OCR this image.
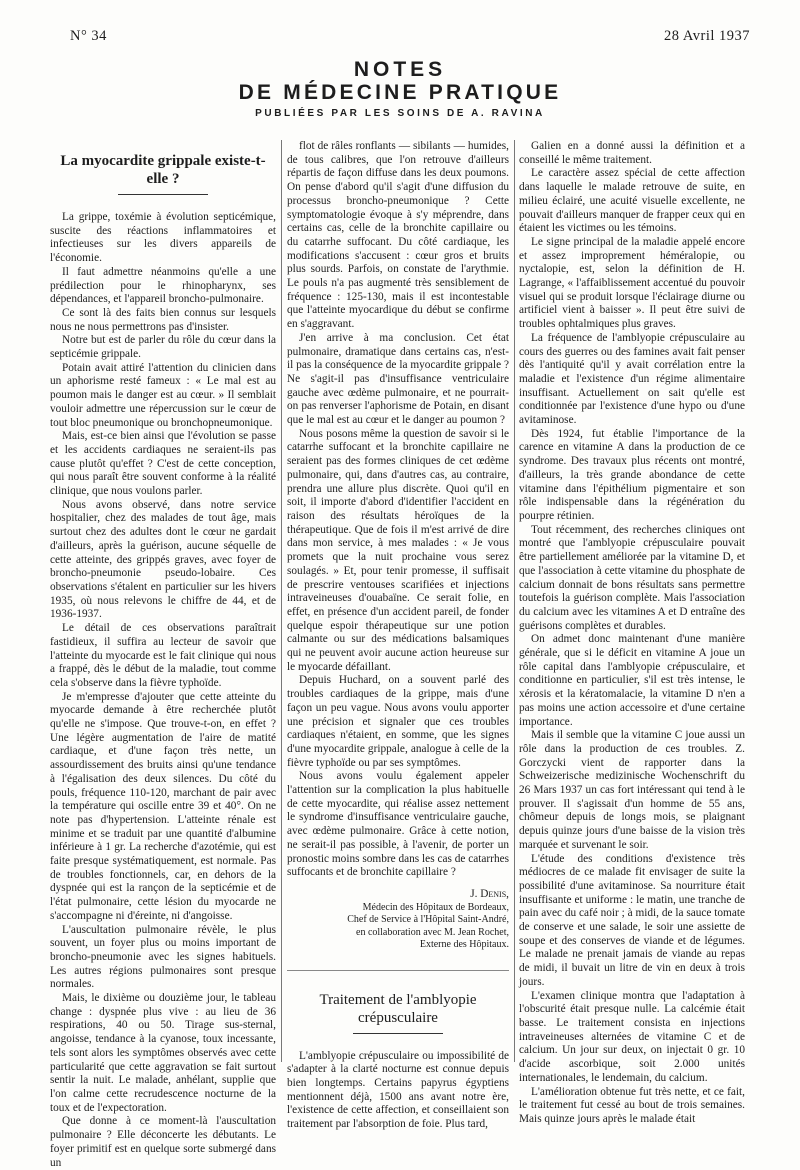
N° 34	28 Avril 1937
NOTES
DE MÉDECINE PRATIQUE
PUBLIÉES PAR LES SOINS DE A. RAVINA
La myocardite grippale existe-t-elle ?

La grippe, toxémie à évolution septicémique, suscite des réactions inflammatoires et infectieuses sur les divers appareils de l'économie.

Il faut admettre néanmoins qu'elle a une prédilection pour le rhinopharynx, ses dépendances, et l'appareil broncho-pulmonaire.

Ce sont là des faits bien connus sur lesquels nous ne nous permettrons pas d'insister.

Notre but est de parler du rôle du cœur dans la septicémie grippale.

Potain avait attiré l'attention du clinicien dans un aphorisme resté fameux : « Le mal est au poumon mais le danger est au cœur. » Il semblait vouloir admettre une répercussion sur le cœur de tout bloc pneumonique ou bronchopneumonique.

Mais, est-ce bien ainsi que l'évolution se passe et les accidents cardiaques ne seraient-ils pas cause plutôt qu'effet ? C'est de cette conception, qui nous paraît être souvent conforme à la réalité clinique, que nous voulons parler.

Nous avons observé, dans notre service hospitalier, chez des malades de tout âge, mais surtout chez des adultes dont le cœur ne gardait d'ailleurs, après la guérison, aucune séquelle de cette atteinte, des grippés graves, avec foyer de broncho-pneumonie pseudo-lobaire. Ces observations s'étalent en particulier sur les hivers 1935, où nous relevons le chiffre de 44, et de 1936-1937.

Le détail de ces observations paraîtrait fastidieux, il suffira au lecteur de savoir que l'atteinte du myocarde est le fait clinique qui nous a frappé, dès le début de la maladie, tout comme cela s'observe dans la fièvre typhoïde.

Je m'empresse d'ajouter que cette atteinte du myocarde demande à être recherchée plutôt qu'elle ne s'impose. Que trouve-t-on, en effet ? Une légère augmentation de l'aire de matité cardiaque, et d'une façon très nette, un assourdissement des bruits ainsi qu'une tendance à l'égalisation des deux silences. Du côté du pouls, fréquence 110-120, marchant de pair avec la température qui oscille entre 39 et 40°. On ne note pas d'hypertension. L'atteinte rénale est minime et se traduit par une quantité d'albumine inférieure à 1 gr. La recherche d'azotémie, qui est faite presque systématiquement, est normale. Pas de troubles fonctionnels, car, en dehors de la dyspnée qui est la rançon de la septicémie et de l'état pulmonaire, cette lésion du myocarde ne s'accompagne ni d'éreinte, ni d'angoisse.

L'auscultation pulmonaire révèle, le plus souvent, un foyer plus ou moins important de broncho-pneumonie avec les signes habituels. Les autres régions pulmonaires sont presque normales.

Mais, le dixième ou douzième jour, le tableau change : dyspnée plus vive : au lieu de 36 respirations, 40 ou 50. Tirage sus-sternal, angoisse, tendance à la cyanose, toux incessante, tels sont alors les symptômes observés avec cette particularité que cette aggravation se fait surtout sentir la nuit. Le malade, anhélant, supplie que l'on calme cette recrudescence nocturne de la toux et de l'expectoration.

Que donne à ce moment-là l'auscultation pulmonaire ? Elle déconcerte les débutants. Le foyer primitif est en quelque sorte submergé dans un

flot de râles ronflants — sibilants — humides, de tous calibres, que l'on retrouve d'ailleurs répartis de façon diffuse dans les deux poumons. On pense d'abord qu'il s'agit d'une diffusion du processus broncho-pneumonique ? Cette symptomatologie évoque à s'y méprendre, dans certains cas, celle de la bronchite capillaire ou du catarrhe suffocant. Du côté cardiaque, les modifications s'accusent : cœur gros et bruits plus sourds. Parfois, on constate de l'arythmie. Le pouls n'a pas augmenté très sensiblement de fréquence : 125-130, mais il est incontestable que l'atteinte myocardique du début se confirme en s'aggravant.

J'en arrive à ma conclusion. Cet état pulmonaire, dramatique dans certains cas, n'est-il pas la conséquence de la myocardite grippale ? Ne s'agit-il pas d'insuffisance ventriculaire gauche avec œdème pulmonaire, et ne pourrait-on pas renverser l'aphorisme de Potain, en disant que le mal est au cœur et le danger au poumon ?

Nous posons même la question de savoir si le catarrhe suffocant et la bronchite capillaire ne seraient pas des formes cliniques de cet œdème pulmonaire, qui, dans d'autres cas, au contraire, prendra une allure plus discrète. Quoi qu'il en soit, il importe d'abord d'identifier l'accident en raison des résultats héroïques de la thérapeutique. Que de fois il m'est arrivé de dire dans mon service, à mes malades : « Je vous promets que la nuit prochaine vous serez soulagés. » Et, pour tenir promesse, il suffisait de prescrire ventouses scarifiées et injections intraveineuses d'ouabaïne. Ce serait folie, en effet, en présence d'un accident pareil, de fonder quelque espoir thérapeutique sur une potion calmante ou sur des médications balsamiques qui ne peuvent avoir aucune action heureuse sur le myocarde défaillant.

Depuis Huchard, on a souvent parlé des troubles cardiaques de la grippe, mais d'une façon un peu vague. Nous avons voulu apporter une précision et signaler que ces troubles cardiaques n'étaient, en somme, que les signes d'une myocardite grippale, analogue à celle de la fièvre typhoïde ou par ses symptômes.

Nous avons voulu également appeler l'attention sur la complication la plus habituelle de cette myocardite, qui réalise assez nettement le syndrome d'insuffisance ventriculaire gauche, avec œdème pulmonaire. Grâce à cette notion, ne serait-il pas possible, à l'avenir, de porter un pronostic moins sombre dans les cas de catarrhes suffocants et de bronchite capillaire ?

J. Denis,

Médecin des Hôpitaux de Bordeaux,

Chef de Service à l'Hôpital Saint-André,

en collaboration avec M. Jean Rochet,

Externe des Hôpitaux.

Traitement de l'amblyopie
crépusculaire

L'amblyopie crépusculaire ou impossibilité de s'adapter à la clarté nocturne est connue depuis bien longtemps. Certains papyrus égyptiens mentionnent déjà, 1500 ans avant notre ère, l'existence de cette affection, et conseillaient son traitement par l'absorption de foie. Plus tard,

Galien en a donné aussi la définition et a conseillé le même traitement.

Le caractère assez spécial de cette affection dans laquelle le malade retrouve de suite, en milieu éclairé, une acuité visuelle excellente, ne pouvait d'ailleurs manquer de frapper ceux qui en étaient les victimes ou les témoins.

Le signe principal de la maladie appelé encore et assez improprement héméralopie, ou nyctalopie, est, selon la définition de H. Lagrange, « l'affaiblissement accentué du pouvoir visuel qui se produit lorsque l'éclairage diurne ou artificiel vient à baisser ». Il peut être suivi de troubles ophtalmiques plus graves.

La fréquence de l'amblyopie crépusculaire au cours des guerres ou des famines avait fait penser dès l'antiquité qu'il y avait corrélation entre la maladie et l'existence d'un régime alimentaire insuffisant. Actuellement on sait qu'elle est conditionnée par l'existence d'une hypo ou d'une avitaminose.

Dès 1924, fut établie l'importance de la carence en vitamine A dans la production de ce syndrome. Des travaux plus récents ont montré, d'ailleurs, la très grande abondance de cette vitamine dans l'épithélium pigmentaire et son rôle indispensable dans la régénération du pourpre rétinien.

Tout récemment, des recherches cliniques ont montré que l'amblyopie crépusculaire pouvait être partiellement améliorée par la vitamine D, et que l'association à cette vitamine du phosphate de calcium donnait de bons résultats sans permettre toutefois la guérison complète. Mais l'association du calcium avec les vitamines A et D entraîne des guérisons complètes et durables.

On admet donc maintenant d'une manière générale, que si le déficit en vitamine A joue un rôle capital dans l'amblyopie crépusculaire, et conditionne en particulier, s'il est très intense, le xérosis et la kératomalacie, la vitamine D n'en a pas moins une action accessoire et d'une certaine importance.

Mais il semble que la vitamine C joue aussi un rôle dans la production de ces troubles. Z. Gorczycki vient de rapporter dans la Schweizerische medizinische Wochenschrift du 26 Mars 1937 un cas fort intéressant qui tend à le prouver. Il s'agissait d'un homme de 55 ans, chômeur depuis de longs mois, se plaignant depuis quinze jours d'une baisse de la vision très marquée et survenant le soir.

L'étude des conditions d'existence très médiocres de ce malade fit envisager de suite la possibilité d'une avitaminose. Sa nourriture était insuffisante et uniforme : le matin, une tranche de pain avec du café noir ; à midi, de la sauce tomate de conserve et une salade, le soir une assiette de soupe et des conserves de viande et de légumes. Le malade ne prenait jamais de viande au repas de midi, il buvait un litre de vin en deux à trois jours.

L'examen clinique montra que l'adaptation à l'obscurité était presque nulle. La calcémie était basse. Le traitement consista en injections intraveineuses alternées de vitamine C et de calcium. Un jour sur deux, on injectait 0 gr. 10 d'acide ascorbique, soit 2.000 unités internationales, le lendemain, du calcium.

L'amélioration obtenue fut très nette, et ce fait, le traitement fut cessé au bout de trois semaines. Mais quinze jours après le malade était
